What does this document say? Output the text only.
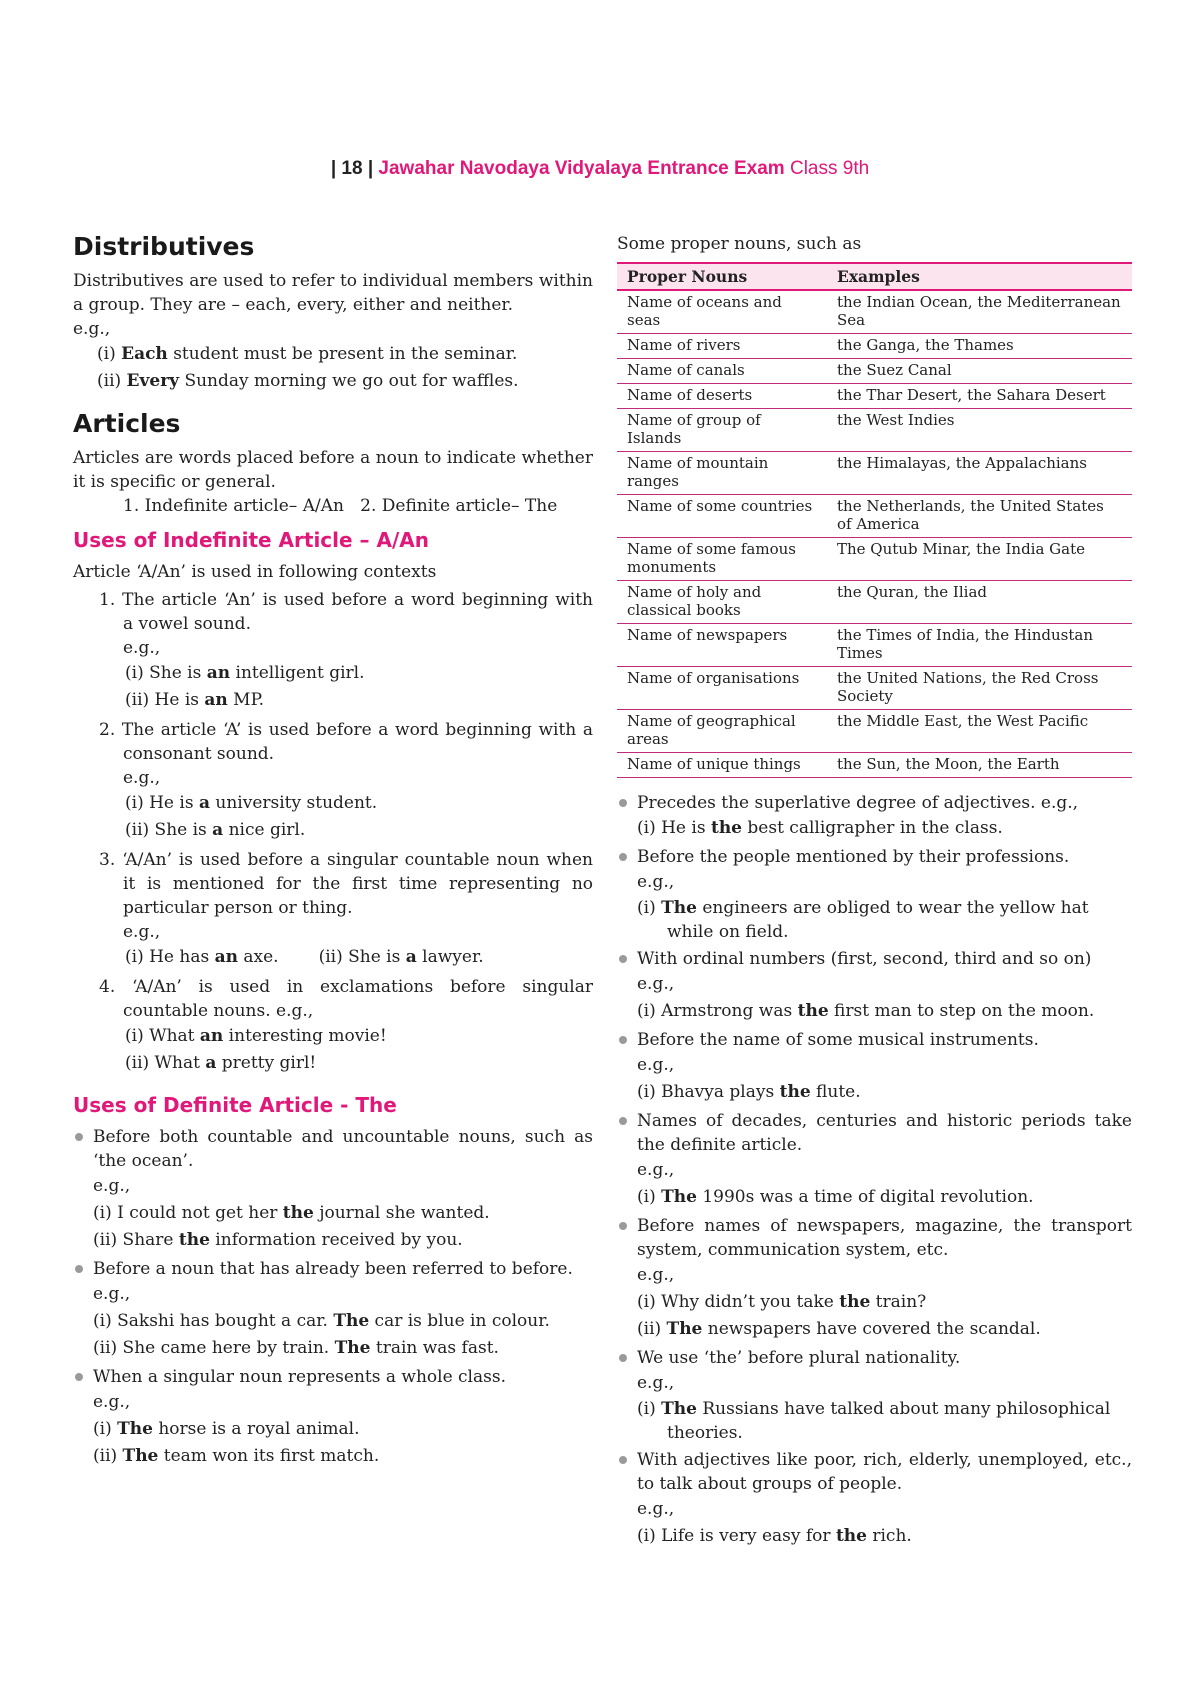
| 18 | Jawahar Navodaya Vidyalaya Entrance Exam Class 9th
Distributives

Distributives are used to refer to individual members within a group. They are – each, every, either and neither.

e.g.,

(i) Each student must be present in the seminar.
(ii) Every Sunday morning we go out for waffles.
Articles

Articles are words placed before a noun to indicate whether it is specific or general.

1. Indefinite article– A/An   2. Definite article– The

Uses of Indefinite Article – A/An

Article ‘A/An’ is used in following contexts

1. The article ‘An’ is used before a word beginning with a vowel sound.
e.g.,
(i) She is an intelligent girl.
(ii) He is an MP.
2. The article ‘A’ is used before a word beginning with a consonant sound.
e.g.,
(i) He is a university student.
(ii) She is a nice girl.
3. ‘A/An’ is used before a singular countable noun when it is mentioned for the first time representing no particular person or thing.
e.g.,
(i) He has an axe. (ii) She is a lawyer.
4. ‘A/An’ is used in exclamations before singular countable nouns. e.g.,
(i) What an interesting movie!
(ii) What a pretty girl!
Uses of Definite Article - The
Before both countable and uncountable nouns, such as ‘the ocean’.
e.g.,
(i) I could not get her the journal she wanted.
(ii) Share the information received by you.
Before a noun that has already been referred to before.
e.g.,
(i) Sakshi has bought a car. The car is blue in colour.
(ii) She came here by train. The train was fast.
When a singular noun represents a whole class.
e.g.,
(i) The horse is a royal animal.
(ii) The team won its first match.

Some proper nouns, such as

Proper Nouns	Examples
Name of oceans and seas	the Indian Ocean, the Mediterranean Sea
Name of rivers	the Ganga, the Thames
Name of canals	the Suez Canal
Name of deserts	the Thar Desert, the Sahara Desert
Name of group of Islands	the West Indies
Name of mountain ranges	the Himalayas, the Appalachians
Name of some countries	the Netherlands, the United States of America
Name of some famous monuments	The Qutub Minar, the India Gate
Name of holy and classical books	the Quran, the Iliad
Name of newspapers	the Times of India, the Hindustan Times
Name of organisations	the United Nations, the Red Cross Society
Name of geographical areas	the Middle East, the West Pacific
Name of unique things	the Sun, the Moon, the Earth
Precedes the superlative degree of adjectives. e.g.,
(i) He is the best calligrapher in the class.
Before the people mentioned by their professions.
e.g.,
(i) The engineers are obliged to wear the yellow hat while on field.
With ordinal numbers (first, second, third and so on)
e.g.,
(i) Armstrong was the first man to step on the moon.
Before the name of some musical instruments.
e.g.,
(i) Bhavya plays the flute.
Names of decades, centuries and historic periods take the definite article.
e.g.,
(i) The 1990s was a time of digital revolution.
Before names of newspapers, magazine, the transport system, communication system, etc.
e.g.,
(i) Why didn’t you take the train?
(ii) The newspapers have covered the scandal.
We use ‘the’ before plural nationality.
e.g.,
(i) The Russians have talked about many philosophical theories.
With adjectives like poor, rich, elderly, unemployed, etc., to talk about groups of people.
e.g.,
(i) Life is very easy for the rich.
